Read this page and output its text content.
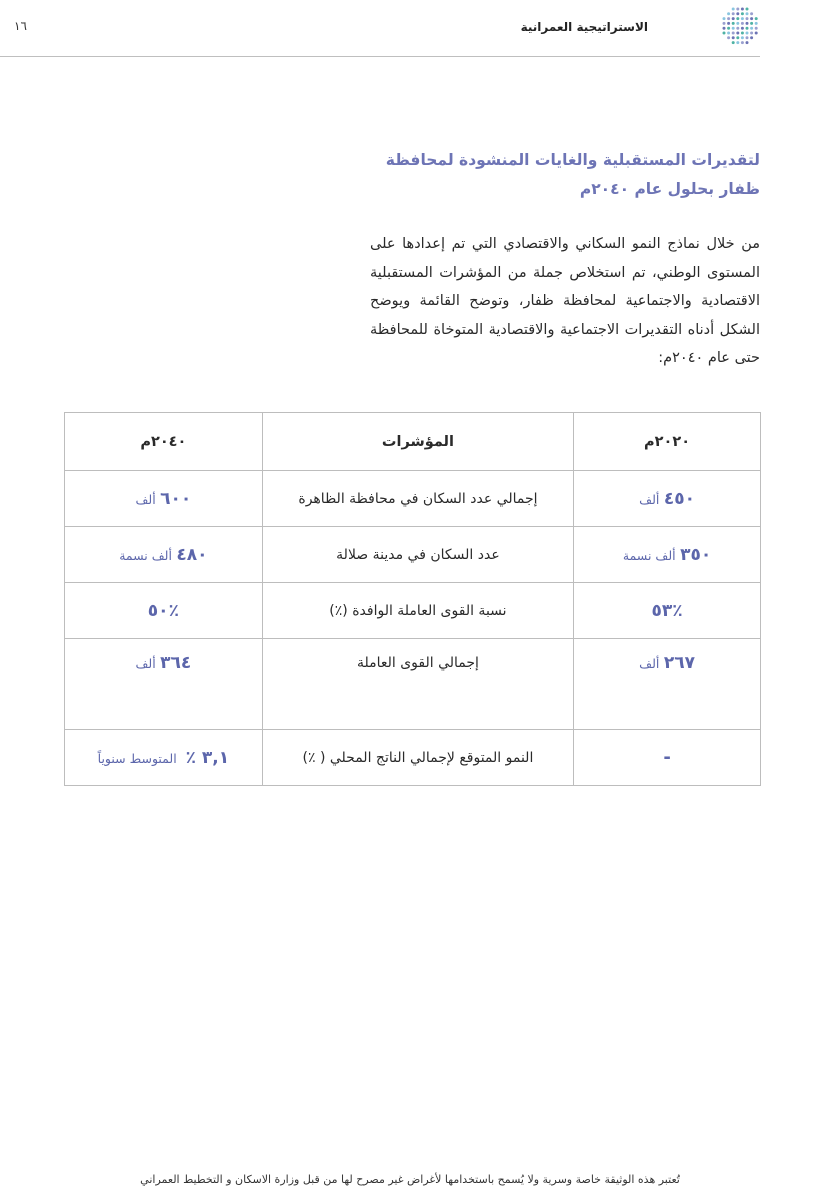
الاستراتيجية العمرانية
١٦
لتقديرات المستقبلية والغايات المنشودة لمحافظة
ظفار بحلول عام ٢٠٤٠م
من خلال نماذج النمو السكاني والاقتصادي التي تم إعدادها على المستوى الوطني، تم استخلاص جملة من المؤشرات المستقبلية الاقتصادية والاجتماعية لمحافظة ظفار، وتوضح القائمة ويوضح الشكل أدناه التقديرات الاجتماعية والاقتصادية المتوخاة للمحافظة حتى عام ٢٠٤٠م:
٢٠٢٠م	المؤشرات	٢٠٤٠م
٤٥٠ ألف	إجمالي عدد السكان في محافظة الظاهرة	٦٠٠ ألف
٣٥٠ ألف نسمة	عدد السكان في مدينة صلالة	٤٨٠ ألف نسمة
٪٥٣	نسبة القوى العاملة الوافدة (٪)	٪٥٠
٢٦٧ ألف	إجمالي القوى العاملة	٣٦٤ ألف
-	النمو المتوقع لإجمالي الناتج المحلي ( ٪)	٣,١ ٪  المتوسط سنوياً
تُعتبر هذه الوثيقة خاصة وسرية ولا يُسمح باستخدامها لأغراض غير مصرح لها من قبل وزارة الاسكان و التخطيط العمراني
